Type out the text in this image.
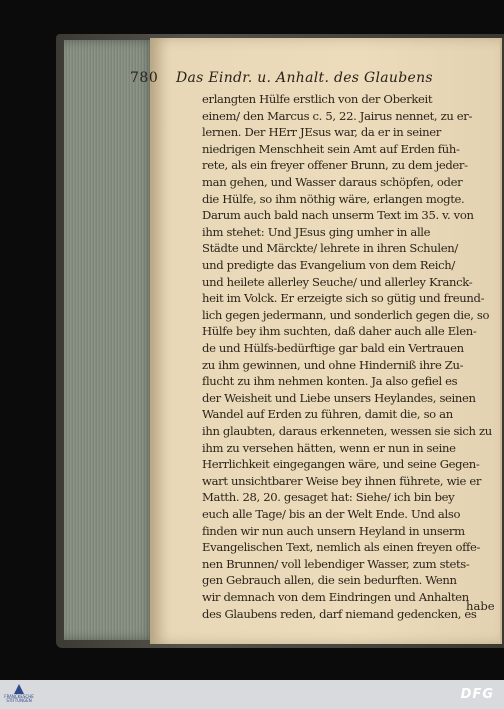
780 Das Eindr. u. Anhalt. des Glaubens
erlangten Hülfe erstlich von der Oberkeit
einem/ den Marcus c. 5, 22. Jairus nennet, zu er-
lernen. Der HErr JEsus war, da er in seiner
niedrigen Menschheit sein Amt auf Erden füh-
rete, als ein freyer offener Brunn, zu dem jeder-
man gehen, und Wasser daraus schöpfen, oder
die Hülfe, so ihm nöthig wäre, erlangen mogte.
Darum auch bald nach unserm Text im 35. v. von
ihm stehet: Und JEsus ging umher in alle
Städte und Märckte/ lehrete in ihren Schulen/
und predigte das Evangelium von dem Reich/
und heilete allerley Seuche/ und allerley Kranck-
heit im Volck. Er erzeigte sich so gütig und freund-
lich gegen jedermann, und sonderlich gegen die, so
Hülfe bey ihm suchten, daß daher auch alle Elen-
de und Hülfs-bedürftige gar bald ein Vertrauen
zu ihm gewinnen, und ohne Hinderniß ihre Zu-
flucht zu ihm nehmen konten. Ja also gefiel es
der Weisheit und Liebe unsers Heylandes, seinen
Wandel auf Erden zu führen, damit die, so an
ihn glaubten, daraus erkenneten, wessen sie sich zu
ihm zu versehen hätten, wenn er nun in seine
Herrlichkeit eingegangen wäre, und seine Gegen-
wart unsichtbarer Weise bey ihnen führete, wie er
Matth. 28, 20. gesaget hat: Siehe/ ich bin bey
euch alle Tage/ bis an der Welt Ende. Und also
finden wir nun auch unsern Heyland in unserm
Evangelischen Text, nemlich als einen freyen offe-
nen Brunnen/ voll lebendiger Wasser, zum stets-
gen Gebrauch allen, die sein bedurften. Wenn
wir demnach von dem Eindringen und Anhalten
des Glaubens reden, darf niemand gedencken, es
habe
FRANCKESCHE STIFTUNGEN	DFG
